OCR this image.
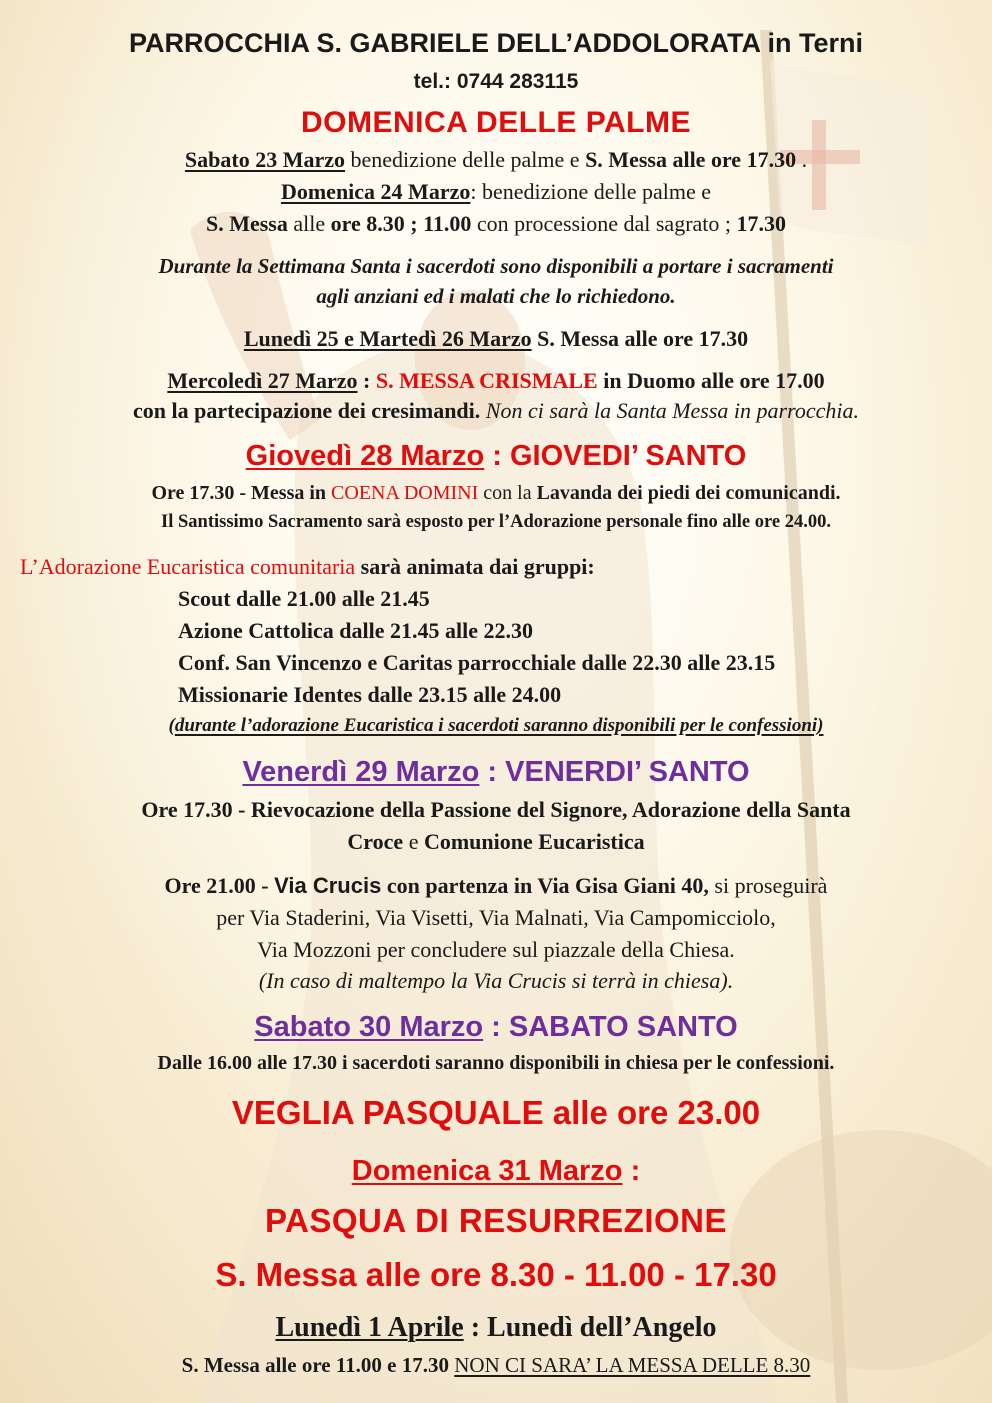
PARROCCHIA S. GABRIELE DELL’ADDOLORATA in Terni
tel.: 0744 283115
DOMENICA DELLE PALME
Sabato 23 Marzo benedizione delle palme e S. Messa alle ore 17.30 .
Domenica 24 Marzo: benedizione delle palme e
S. Messa alle ore 8.30 ; 11.00 con processione dal sagrato ; 17.30
Durante la Settimana Santa i sacerdoti sono disponibili a portare i sacramenti
agli anziani ed i malati che lo richiedono.
Lunedì 25 e Martedì 26 Marzo S. Messa alle ore 17.30
Mercoledì 27 Marzo : S. MESSA CRISMALE in Duomo alle ore 17.00
con la partecipazione dei cresimandi. Non ci sarà la Santa Messa in parrocchia.
Giovedì 28 Marzo : GIOVEDI’ SANTO
Ore 17.30 - Messa in COENA DOMINI con la Lavanda dei piedi dei comunicandi.
Il Santissimo Sacramento sarà esposto per l’Adorazione personale fino alle ore 24.00.
L’Adorazione Eucaristica comunitaria sarà animata dai gruppi:
Scout dalle 21.00 alle 21.45
Azione Cattolica dalle 21.45 alle 22.30
Conf. San Vincenzo e Caritas parrocchiale dalle 22.30 alle 23.15
Missionarie Identes dalle 23.15 alle 24.00
(durante l’adorazione Eucaristica i sacerdoti saranno disponibili per le confessioni)
Venerdì 29 Marzo : VENERDI’ SANTO
Ore 17.30 - Rievocazione della Passione del Signore, Adorazione della Santa
Croce e Comunione Eucaristica
Ore 21.00 - Via Crucis con partenza in Via Gisa Giani 40, si proseguirà
per Via Staderini, Via Visetti, Via Malnati, Via Campomicciolo,
Via Mozzoni per concludere sul piazzale della Chiesa.
(In caso di maltempo la Via Crucis si terrà in chiesa).
Sabato 30 Marzo : SABATO SANTO
Dalle 16.00 alle 17.30 i sacerdoti saranno disponibili in chiesa per le confessioni.
VEGLIA PASQUALE alle ore 23.00
Domenica 31 Marzo :
PASQUA DI RESURREZIONE
S. Messa alle ore 8.30 - 11.00 - 17.30
Lunedì 1 Aprile : Lunedì dell’Angelo
S. Messa alle ore 11.00 e 17.30 NON CI SARA’ LA MESSA DELLE 8.30
